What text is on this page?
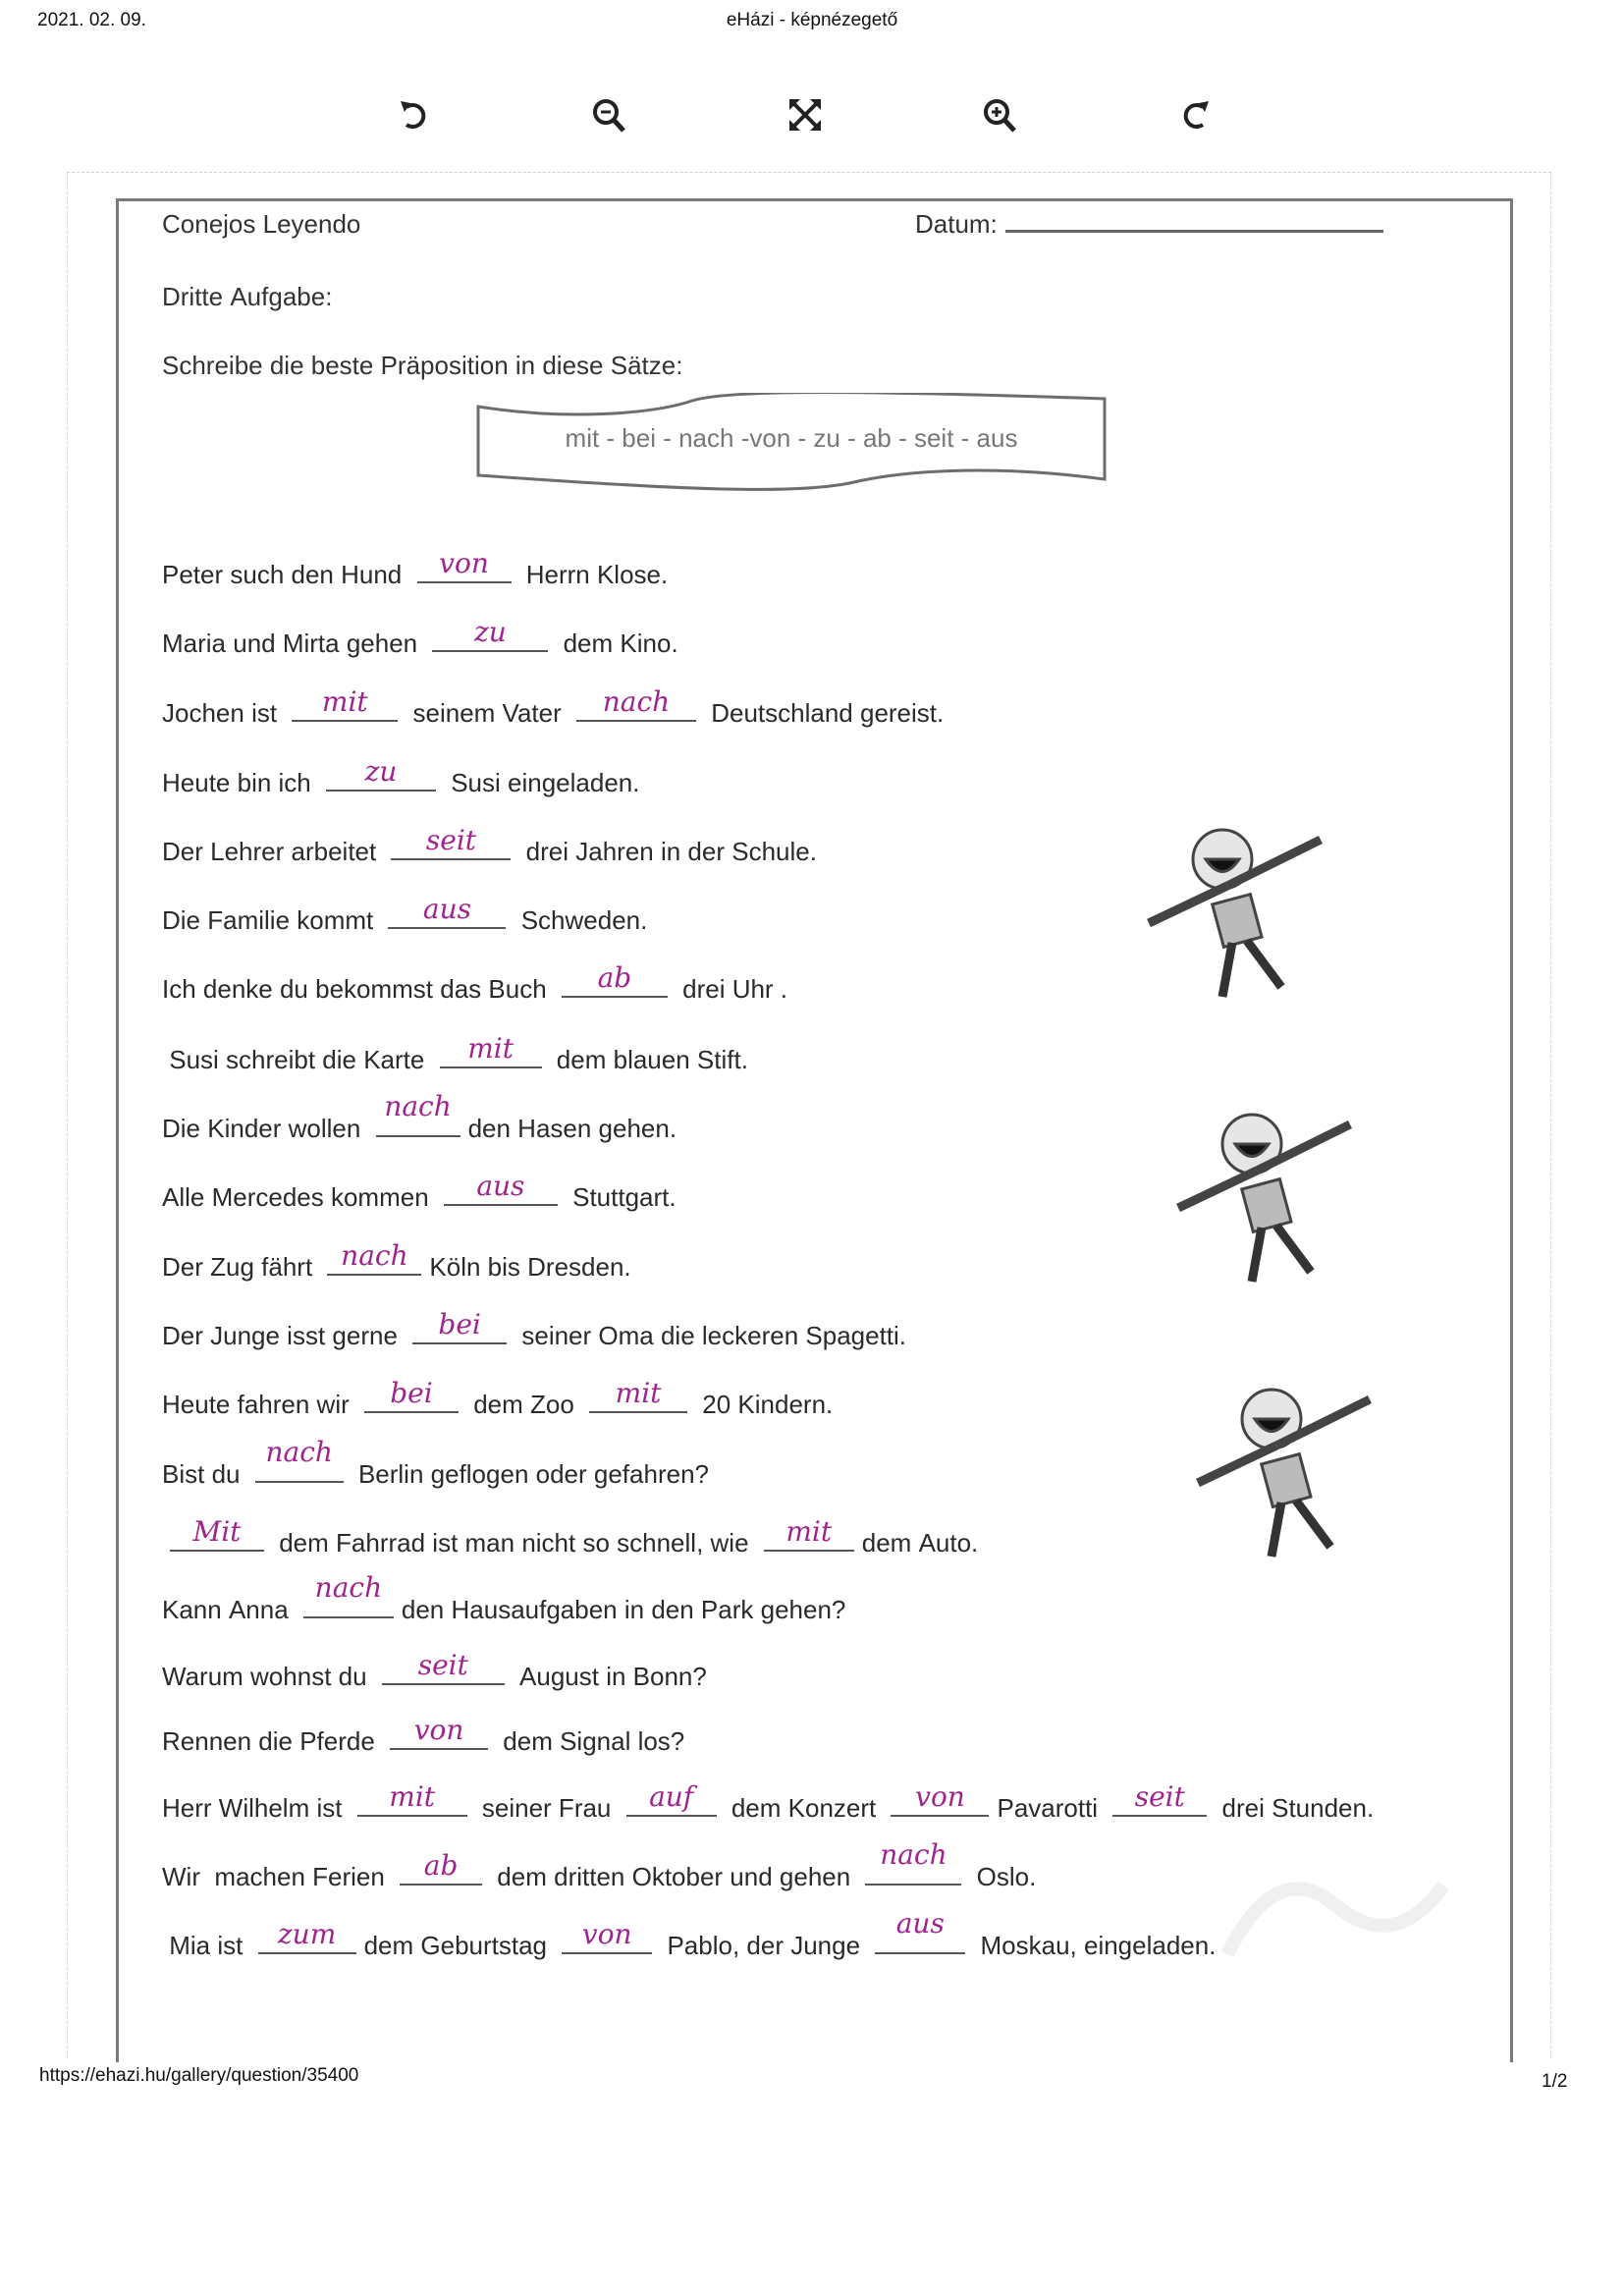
2021. 02. 09.	eHázi - képnézegető
Conejos Leyendo	Datum:
Dritte Aufgabe:
Schreibe die beste Präposition in diese Sätze:
mit - bei - nach -von - zu - ab - seit - aus
Peter such den Hund	von	Herrn Klose.
Maria und Mirta gehen	zu	dem Kino.
Jochen ist	mit	seinem Vater	nach	Deutschland gereist.
Heute bin ich	zu	Susi eingeladen.
Der Lehrer arbeitet	seit	drei Jahren in der Schule.
Die Familie kommt	aus	Schweden.
Ich denke du bekommst das Buch	ab	drei Uhr .
Susi schreibt die Karte	mit	dem blauen Stift.
Die Kinder wollen
nach
den Hasen gehen.
Alle Mercedes kommen	aus	Stuttgart.
Der Zug fährt nach Köln bis Dresden.
Der Junge isst gerne	bei	seiner Oma die leckeren Spagetti.
Heute fahren wir	bei	dem Zoo	mit	20 Kindern.
Bist du
nach
Berlin geflogen oder gefahren?
Mit	dem Fahrrad ist man nicht so schnell, wie	mit	dem Auto.
Kann Anna
nach
den Hausaufgaben in den Park gehen?
Warum wohnst du	seit	August in Bonn?
Rennen die Pferde	von	dem Signal los?
Herr Wilhelm ist	mit	seiner Frau	auf	dem Konzert	von	Pavarotti	seit	drei Stunden.
Wir  machen Ferien	ab	dem dritten Oktober und gehen
nach
Oslo.
Mia ist	zum	dem Geburtstag	von	Pablo, der Junge
aus
Moskau, eingeladen.
https://ehazi.hu/gallery/question/35400	1/2
